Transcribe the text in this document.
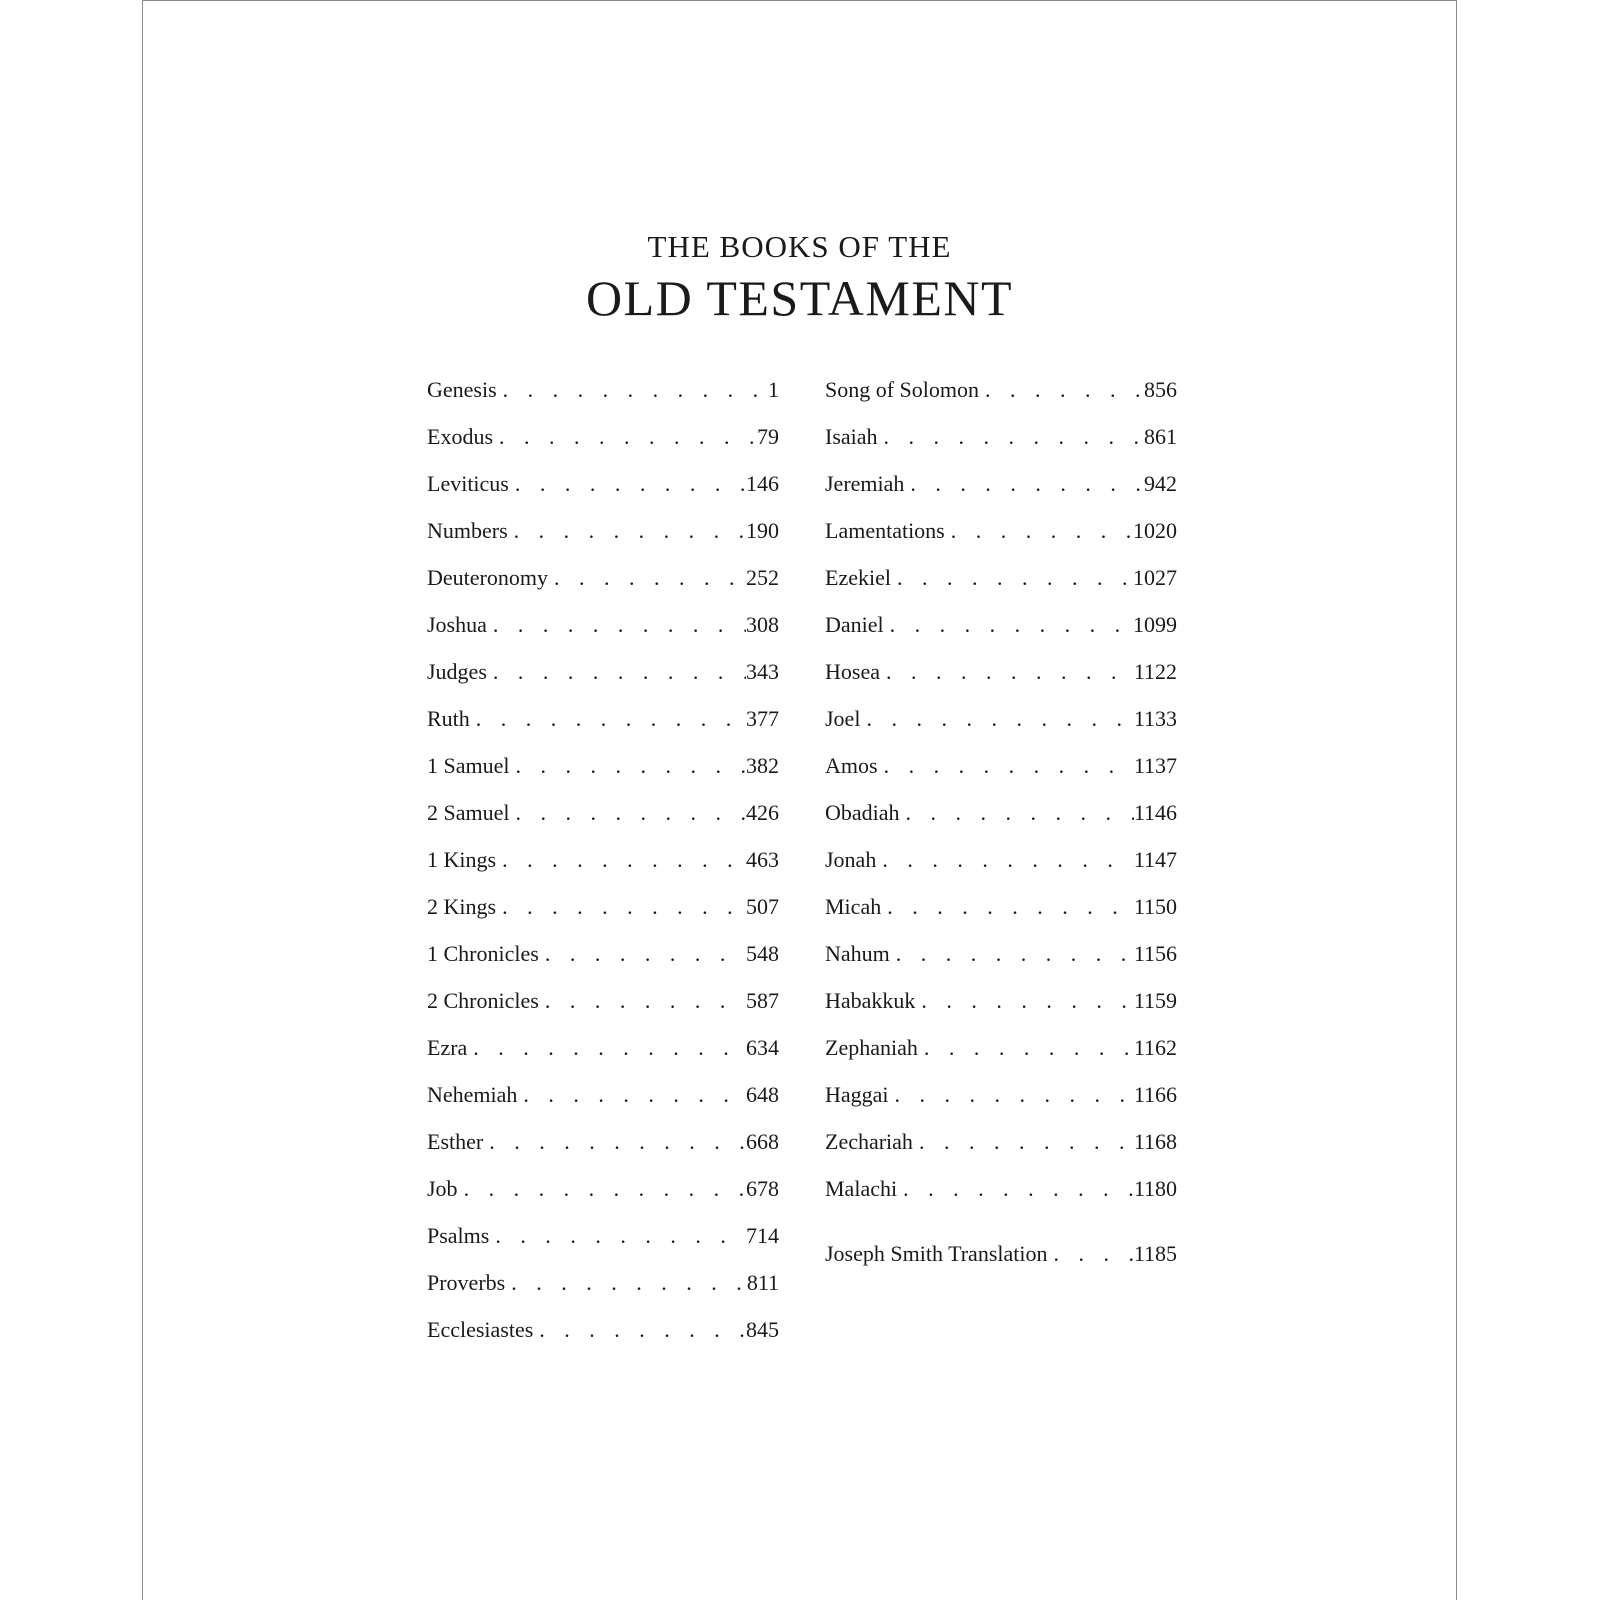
THE BOOKS OF THE
OLD TESTAMENT
Genesis . . .	1
Exodus . . .	79
Leviticus . . .	146
Numbers . . .	190
Deuteronomy . . .	252
Joshua . . .	308
Judges . . .	343
Ruth . . .	377
1 Samuel . . .	382
2 Samuel . . .	426
1 Kings . . .	463
2 Kings . . .	507
1 Chronicles . . .	548
2 Chronicles . . .	587
Ezra . . .	634
Nehemiah . . .	648
Esther . . .	668
Job . . .	678
Psalms . . .	714
Proverbs . . .	811
Ecclesiastes . . .	845
Song of Solomon . . .	856
Isaiah . . .	861
Jeremiah . . .	942
Lamentations . . .	1020
Ezekiel . . .	1027
Daniel . . .	1099
Hosea . . .	1122
Joel . . .	1133
Amos . . .	1137
Obadiah . . .	1146
Jonah . . .	1147
Micah . . .	1150
Nahum . . .	1156
Habakkuk . . .	1159
Zephaniah . . .	1162
Haggai . . .	1166
Zechariah . . .	1168
Malachi . . .	1180
Joseph Smith Translation . . .	1185
